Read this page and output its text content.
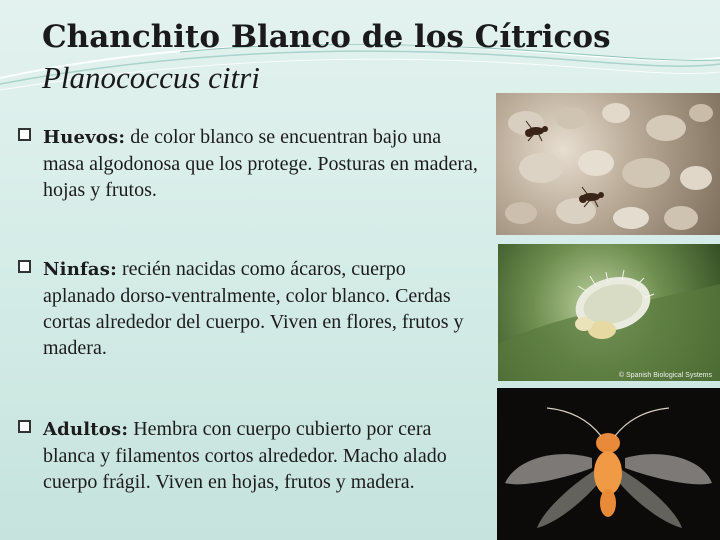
Chanchito Blanco de los Cítricos
Planococcus citri
Huevos: de color blanco se encuentran bajo una masa algodonosa que los protege. Posturas en madera, hojas y frutos.
Ninfas: recién nacidas como ácaros, cuerpo aplanado dorso-ventralmente, color blanco. Cerdas cortas alrededor del cuerpo. Viven en flores, frutos y madera.
Adultos: Hembra con cuerpo cubierto por cera blanca y filamentos cortos alrededor. Macho alado cuerpo frágil. Viven en hojas, frutos y madera.
© Spanish Biological Systems
